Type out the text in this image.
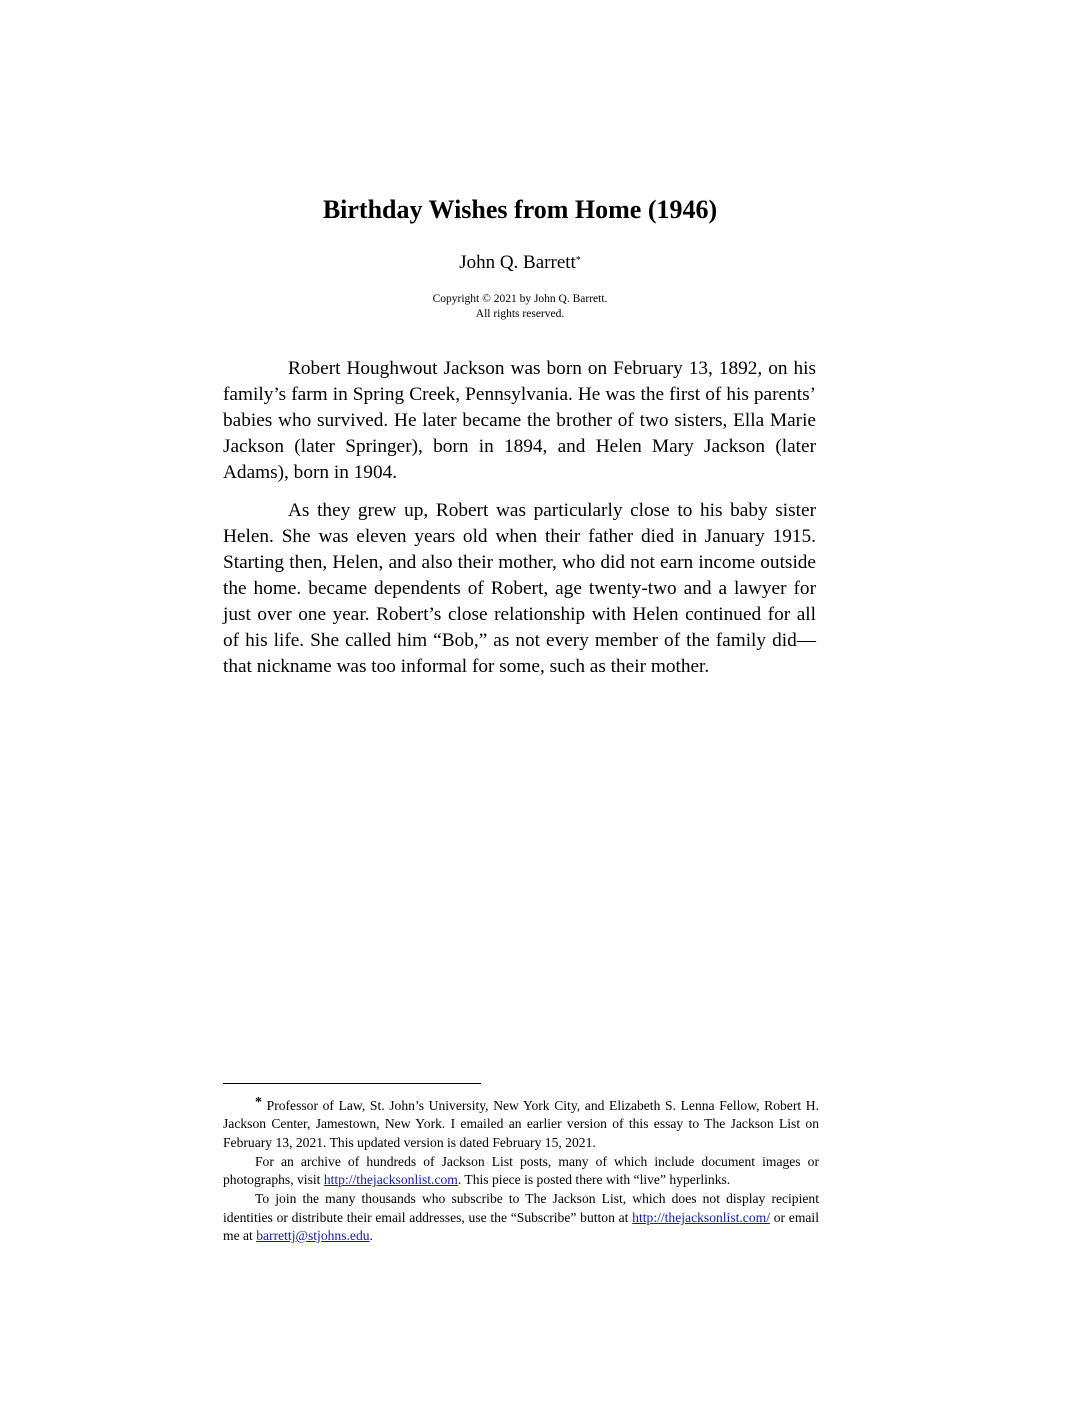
Birthday Wishes from Home (1946)
John Q. Barrett*
Copyright © 2021 by John Q. Barrett.
All rights reserved.

Robert Houghwout Jackson was born on February 13, 1892, on his family’s farm in Spring Creek, Pennsylvania. He was the first of his parents’ babies who survived. He later became the brother of two sisters, Ella Marie Jackson (later Springer), born in 1894, and Helen Mary Jackson (later Adams), born in 1904.

As they grew up, Robert was particularly close to his baby sister Helen. She was eleven years old when their father died in January 1915. Starting then, Helen, and also their mother, who did not earn income outside the home. became dependents of Robert, age twenty-two and a lawyer for just over one year. Robert’s close relationship with Helen continued for all of his life. She called him “Bob,” as not every member of the family did—that nickname was too informal for some, such as their mother.

* Professor of Law, St. John’s University, New York City, and Elizabeth S. Lenna Fellow, Robert H. Jackson Center, Jamestown, New York. I emailed an earlier version of this essay to The Jackson List on February 13, 2021. This updated version is dated February 15, 2021.

For an archive of hundreds of Jackson List posts, many of which include document images or photographs, visit http://thejacksonlist.com. This piece is posted there with “live” hyperlinks.

To join the many thousands who subscribe to The Jackson List, which does not display recipient identities or distribute their email addresses, use the “Subscribe” button at http://thejacksonlist.com/ or email me at barrettj@stjohns.edu.
